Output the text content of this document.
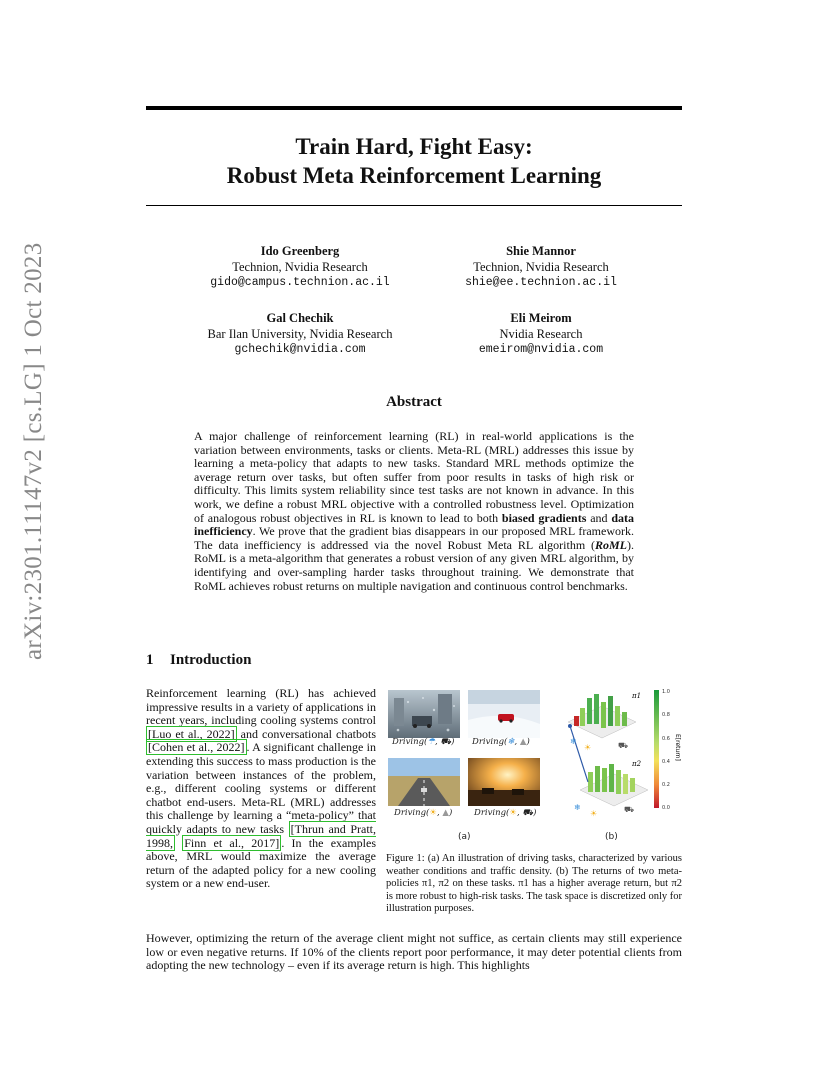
arXiv:2301.11147v2 [cs.LG] 1 Oct 2023
Train Hard, Fight Easy:
Robust Meta Reinforcement Learning
Ido Greenberg
Technion, Nvidia Research
gido@campus.technion.ac.il
Shie Mannor
Technion, Nvidia Research
shie@ee.technion.ac.il
Gal Chechik
Bar Ilan University, Nvidia Research
gchechik@nvidia.com
Eli Meirom
Nvidia Research
emeirom@nvidia.com
Abstract
A major challenge of reinforcement learning (RL) in real-world applications is the variation between environments, tasks or clients. Meta-RL (MRL) addresses this issue by learning a meta-policy that adapts to new tasks. Standard MRL methods optimize the average return over tasks, but often suffer from poor results in tasks of high risk or difficulty. This limits system reliability since test tasks are not known in advance. In this work, we define a robust MRL objective with a controlled robustness level. Optimization of analogous robust objectives in RL is known to lead to both biased gradients and data inefficiency. We prove that the gradient bias disappears in our proposed MRL framework. The data inefficiency is addressed via the novel Robust Meta RL algorithm (RoML). RoML is a meta-algorithm that generates a robust version of any given MRL algorithm, by identifying and over-sampling harder tasks throughout training. We demonstrate that RoML achieves robust returns on multiple navigation and continuous control benchmarks.
1 Introduction
Reinforcement learning (RL) has achieved impressive results in a variety of applications in recent years, including cooling systems control [Luo et al., 2022] and conversational chatbots [Cohen et al., 2022] . A significant challenge in extending this success to mass production is the variation between instances of the problem, e.g., different cooling systems or different chatbot end-users. Meta-RL (MRL) addresses this challenge by learning a “meta-policy” that quickly adapts to new tasks [Thrun and Pratt, 1998, Finn et al., 2017] . In the examples above, MRL would maximize the average return of the adapted policy for a new cooling system or a new end-user.
Driving(☂, ⛟) Driving(❄, ▲)
Driving(☀, ▲)	Driving(☀, ⛟)
(a)
π1
π2
❄
☀	⛟
❄
☀	⛟
1.0
0.8
0.6
0.4
0.2
0.0
E[return]
(b)
Figure 1: (a) An illustration of driving tasks, characterized by various weather conditions and traffic density. (b) The returns of two meta-policies π1, π2 on these tasks. π1 has a higher average return, but π2 is more robust to high-risk tasks. The task space is discretized only for illustration purposes.
However, optimizing the return of the average client might not suffice, as certain clients may still experience low or even negative returns. If 10% of the clients report poor performance, it may deter potential clients from adopting the new technology – even if its average return is high. This highlights
